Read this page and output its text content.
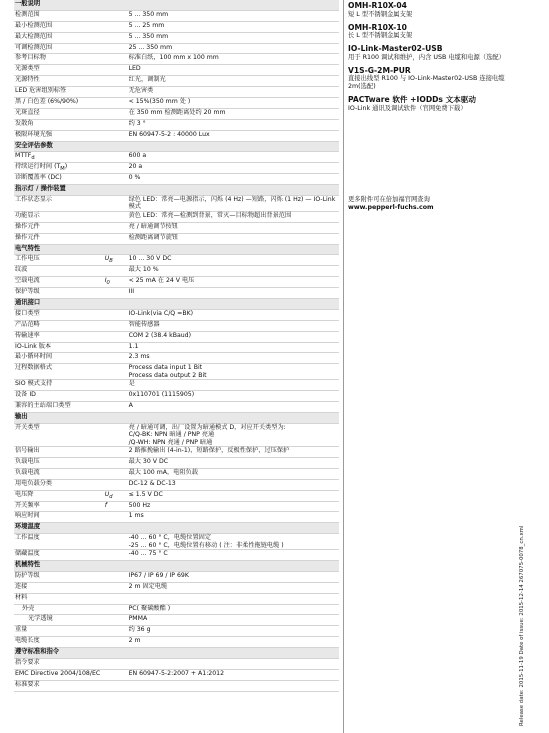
一般说明		
检测范围		5 ... 350 mm

最小检测范围		5 ... 25 mm

最大检测范围		5 ... 350 mm

可调检测范围		25 ... 350 mm

参考目标物		标准白纸，100 mm x 100 mm

光源类型		LED

光源特性		红光，调制光

LED 危害组别标签		无危害类

黑 / 白色差 (6%/90%)		< 15%(350 mm 处 )

光斑直径		在 350 mm 检测距离处约 20 mm

发散角		约 3 °

极限环境光强		EN 60947-5-2 : 40000 Lux

安全评估参数		
$MTTF_d$		600 a

持续运行时间 $(T_M)$		20 a

诊断覆盖率 (DC)		0 %

指示灯 / 操作装置		
工作状态显示		绿色 LED：常亮—电源指示，闪烁 (4 Hz) —短路，闪烁 (1 Hz) — IO-Link 模式

功能显示		黄色 LED：常亮—检测到背景，常灭—目标物超出背景范围

操作元件		亮 / 暗通调节按钮

操作元件		检测距离调节旋钮

电气特性		
工作电压	$U_B$	10 ... 30 V DC

纹波		最大 10 %

空载电流	$I_0$	< 25 mA 在 24 V 电压

保护等级		III

通讯接口		
接口类型		IO-Link(via C/Q =BK)

产品范畴		智能传感器

传输速率		COM 2 (38.4 kBaud)

IO-Link 版本		1.1

最小循环时间		2.3 ms

过程数据格式		Process data input 1 Bit
Process data output 2 Bit

SIO 模式支持		是

设备 ID		0x110701 (1115905)

兼容的主站端口类型		A

输出		
开关类型		亮 / 暗通可调，出厂设置为暗通模式 D，对应开关类型为:
C/Q-BK: NPN 暗通 / PNP 亮通
/Q-WH: NPN 亮通 / PNP 暗通

信号输出		2 路推挽输出 (4-in-1)，短路保护，反极性保护，过压保护

负载电压		最大 30 V DC

负载电流		最大 100 mA，电阻负载

用电负载分类		DC-12 & DC-13

电压降	$U_d$	≤ 1.5 V DC

开关频率	f	500 Hz

响应时间		1 ms

环境温度		
工作温度		-40 ... 60 ° C，电缆位置固定
-25 ... 60 ° C，电缆位置有移动 ( 注：非柔性拖链电缆 )

储藏温度		-40 ... 75 ° C

机械特性		
防护等级		IP67 / IP 69 / IP 69K

连接		2 m 固定电缆

材料		

外壳		PC( 聚碳酸酯 )

光学透镜		PMMA

重量		约 36 g

电缆长度		2 m

遵守标准和指令		
指令要求		

EMC Directive 2004/108/EC		EN 60947-5-2:2007 + A1:2012

标准要求		
OMH-R10X-04
短 L 型不锈钢金属支架
OMH-R10X-10
长 L 型不锈钢金属支架
IO-Link-Master02-USB
用于 R100 调试和维护，内含 USB 电缆和电源（选配）
V1S-G-2M-PUR
直接出线型 R100 与 IO-Link-Master02-USB 连接电缆 2m(选配)
PACTware 软件 +IODDs 文本驱动
IO-Link 通讯及调试软件（官网免费下载）
更多附件可在倍加福官网查询
www.pepperl-fuchs.com
Release date: 2015-11-19 Date of issue: 2015-12-14 267075-0078_cn.xml
